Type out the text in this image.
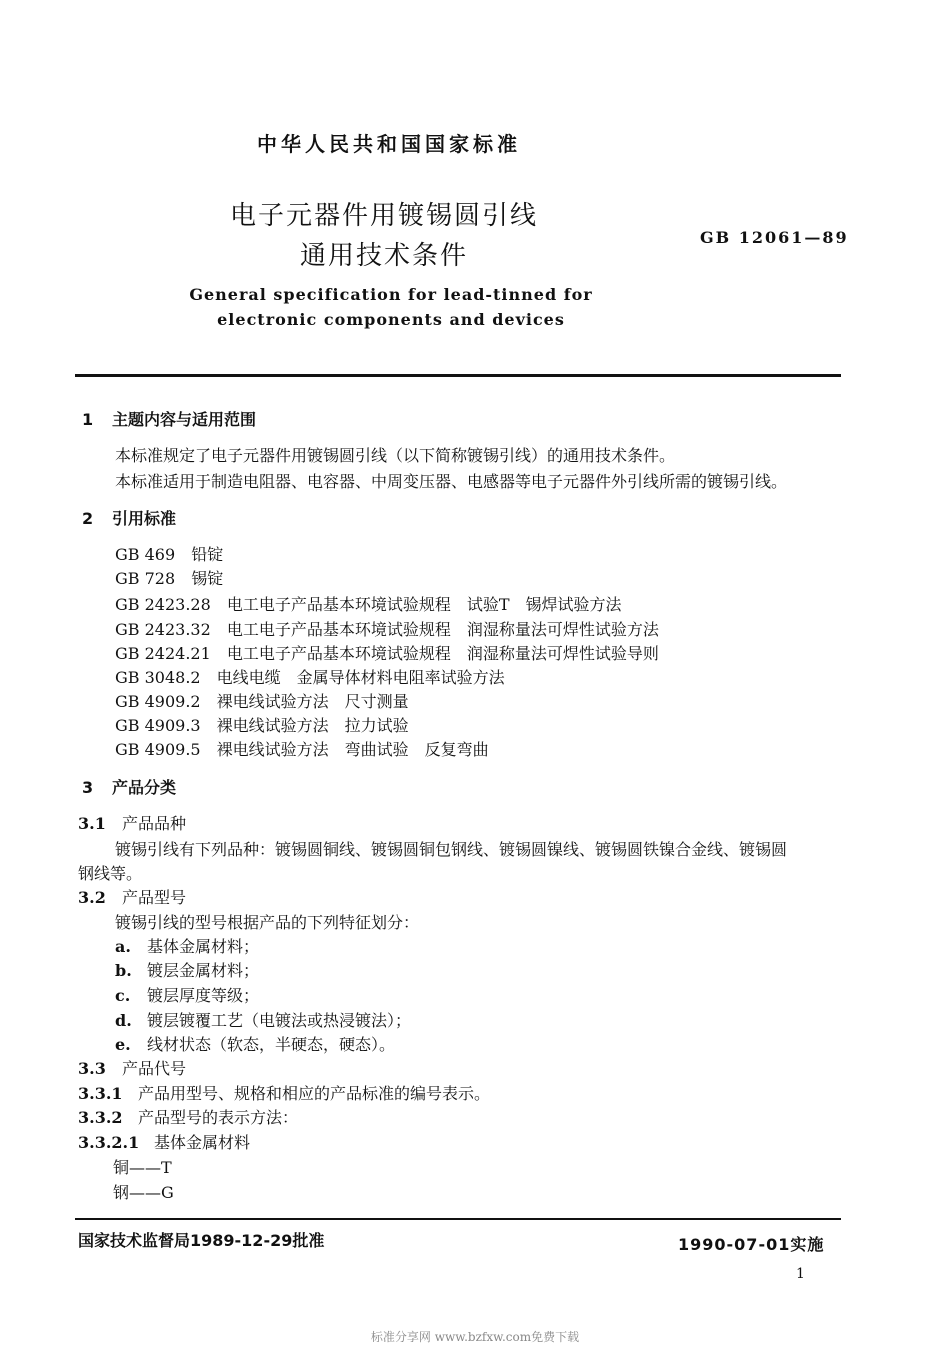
中华人民共和国国家标准
电子元器件用镀锡圆引线
通用技术条件
GB 12061—89
General specification for lead-tinned for
electronic components and devices
1 主题内容与适用范围
本标准规定了电子元器件用镀锡圆引线（以下简称镀锡引线）的通用技术条件。
本标准适用于制造电阻器、电容器、中周变压器、电感器等电子元器件外引线所需的镀锡引线。
2 引用标准
GB 469　 铅锭
GB 728　 锡锭
GB 2423.28　 电工电子产品基本环境试验规程　试验T　锡焊试验方法
GB 2423.32　 电工电子产品基本环境试验规程　润湿称量法可焊性试验方法
GB 2424.21　 电工电子产品基本环境试验规程　润湿称量法可焊性试验导则
GB 3048.2　 电线电缆　金属导体材料电阻率试验方法
GB 4909.2　 裸电线试验方法　尺寸测量
GB 4909.3　 裸电线试验方法　拉力试验
GB 4909.5　 裸电线试验方法　弯曲试验　反复弯曲
3 产品分类
3.1 产品品种
镀锡引线有下列品种：镀锡圆铜线、镀锡圆铜包钢线、镀锡圆镍线、镀锡圆铁镍合金线、镀锡圆
钢线等。
3.2 产品型号
镀锡引线的型号根据产品的下列特征划分：
a. 基体金属材料；
b. 镀层金属材料；
c. 镀层厚度等级；
d. 镀层镀覆工艺（电镀法或热浸镀法）；
e. 线材状态（软态，半硬态，硬态）。
3.3 产品代号
3.3.1 产品用型号、规格和相应的产品标准的编号表示。
3.3.2 产品型号的表示方法：
3.3.2.1 基体金属材料
铜——T
钢——G
国家技术监督局1989-12-29批准	1990-07-01实施
1
标准分享网 www.bzfxw.com免费下载
